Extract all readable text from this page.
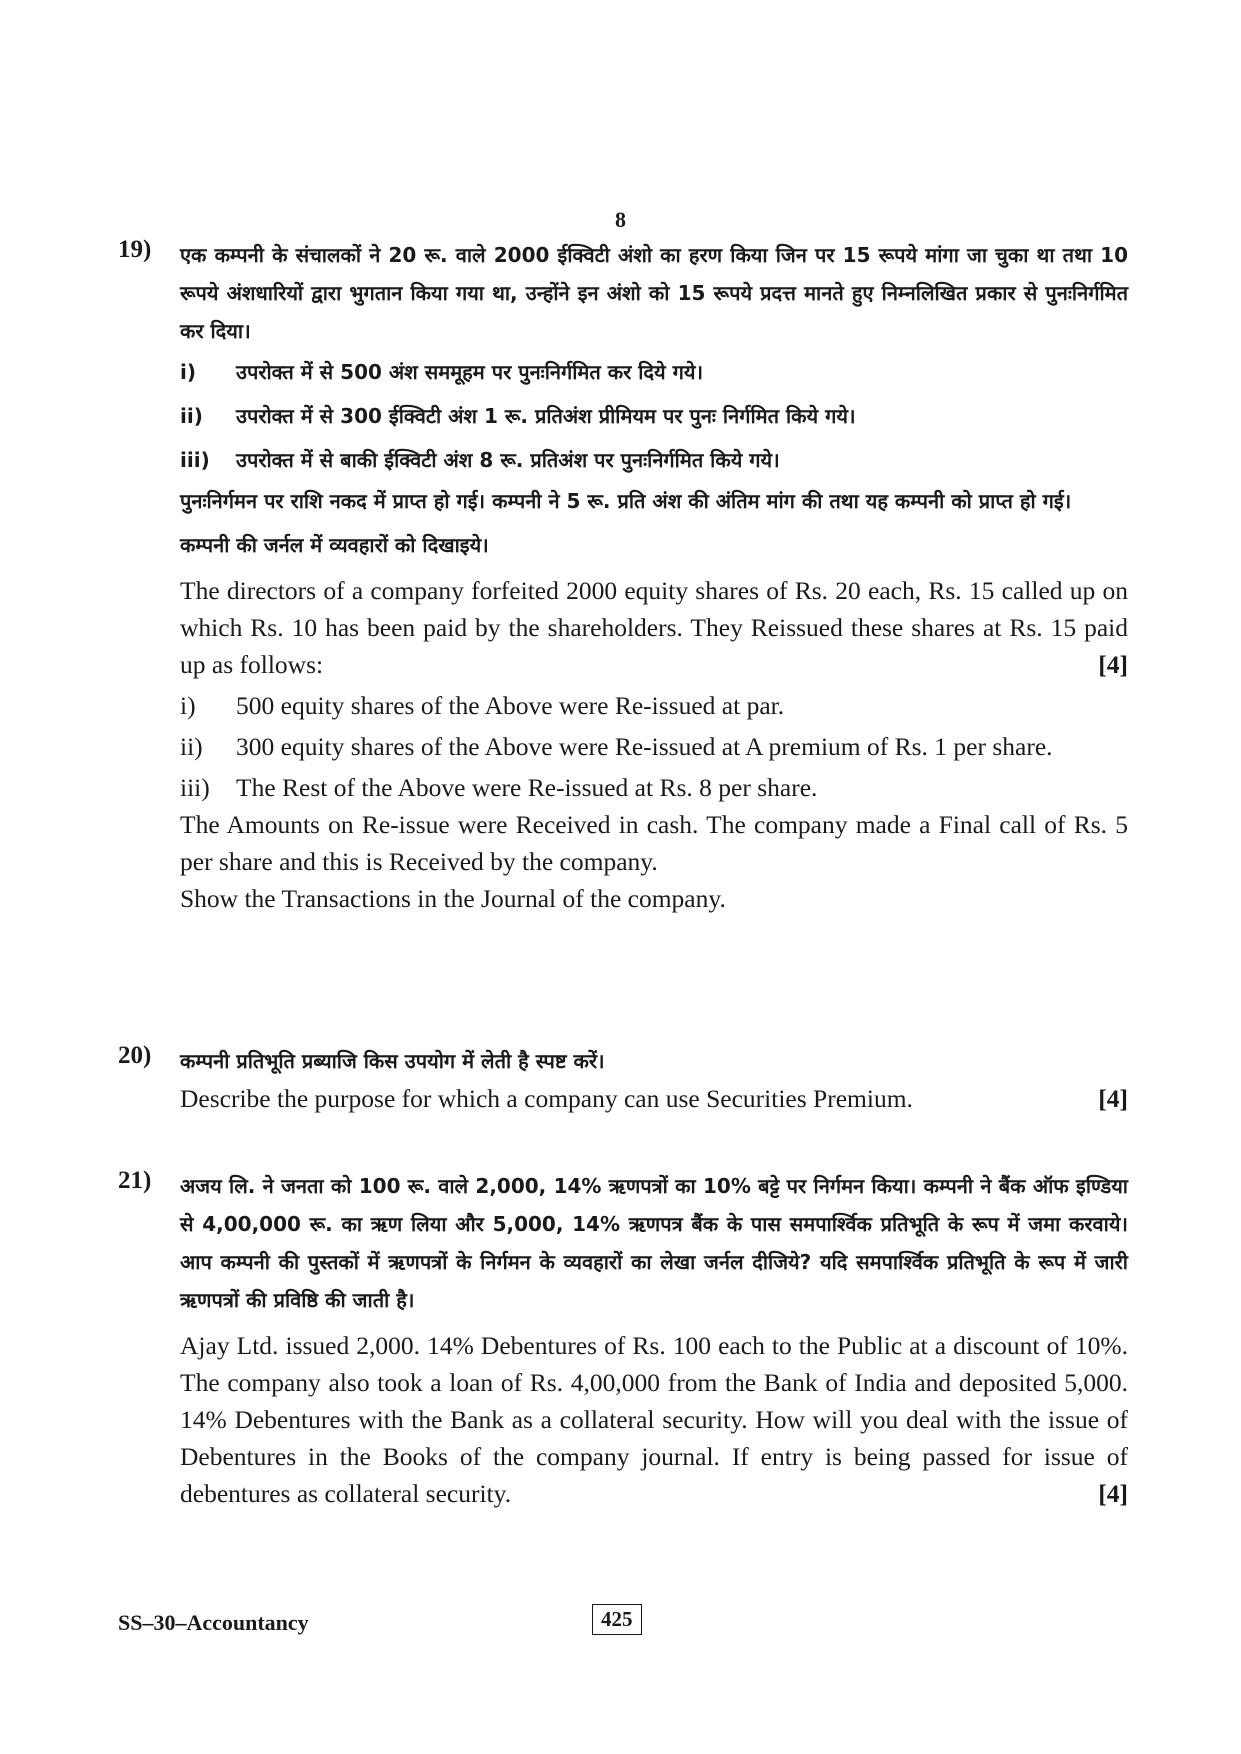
8
19) एक कम्पनी के संचालकों ने 20 रू. वाले 2000 ईक्विटी अंशो का हरण किया जिन पर 15 रूपये मांगा जा चुका था तथा 10 रूपये अंशधारियों द्वारा भुगतान किया गया था, उन्होंने इन अंशो को 15 रूपये प्रदत्त मानते हुए निम्नलिखित प्रकार से पुनःनिर्गमित कर दिया।

i)	उपरोक्त में से 500 अंश सममूहम पर पुनःनिर्गमित कर दिये गये।
ii)	उपरोक्त में से 300 ईक्विटी अंश 1 रू. प्रतिअंश प्रीमियम पर पुनः निर्गमित किये गये।
iii)	उपरोक्त में से बाकी ईक्विटी अंश 8 रू. प्रतिअंश पर पुनःनिर्गमित किये गये।

पुनःनिर्गमन पर राशि नकद में प्राप्त हो गई। कम्पनी ने 5 रू. प्रति अंश की अंतिम मांग की तथा यह कम्पनी को प्राप्त हो गई।

कम्पनी की जर्नल में व्यवहारों को दिखाइये।

The directors of a company forfeited 2000 equity shares of Rs. 20 each, Rs. 15 called up on which Rs. 10 has been paid by the shareholders. They Reissued these shares at Rs. 15 paid up as follows:	[4]

i)	500 equity shares of the Above were Re-issued at par.
ii)	300 equity shares of the Above were Re-issued at A premium of Rs. 1 per share.
iii)	The Rest of the Above were Re-issued at Rs. 8 per share.

The Amounts on Re-issue were Received in cash. The company made a Final call of Rs. 5 per share and this is Received by the company.

Show the Transactions in the Journal of the company.

20) कम्पनी प्रतिभूति प्रब्याजि किस उपयोग में लेती है स्पष्ट करें।

Describe the purpose for which a company can use Securities Premium.	[4]

21) अजय लि. ने जनता को 100 रू. वाले 2,000, 14% ऋणपत्रों का 10% बट्टे पर निर्गमन किया। कम्पनी ने बैंक ऑफ इण्डिया से 4,00,000 रू. का ऋण लिया और 5,000, 14% ऋणपत्र बैंक के पास समपार्श्विक प्रतिभूति के रूप में जमा करवाये। आप कम्पनी की पुस्तकों में ऋणपत्रों के निर्गमन के व्यवहारों का लेखा जर्नल दीजिये? यदि समपार्श्विक प्रतिभूति के रूप में जारी ऋणपत्रों की प्रविष्ठि की जाती है।

Ajay Ltd. issued 2,000. 14% Debentures of Rs. 100 each to the Public at a discount of 10%. The company also took a loan of Rs. 4,00,000 from the Bank of India and deposited 5,000. 14% Debentures with the Bank as a collateral security. How will you deal with the issue of Debentures in the Books of the company journal. If entry is being passed for issue of debentures as collateral security.	[4]

SS–30–Accountancy	425
